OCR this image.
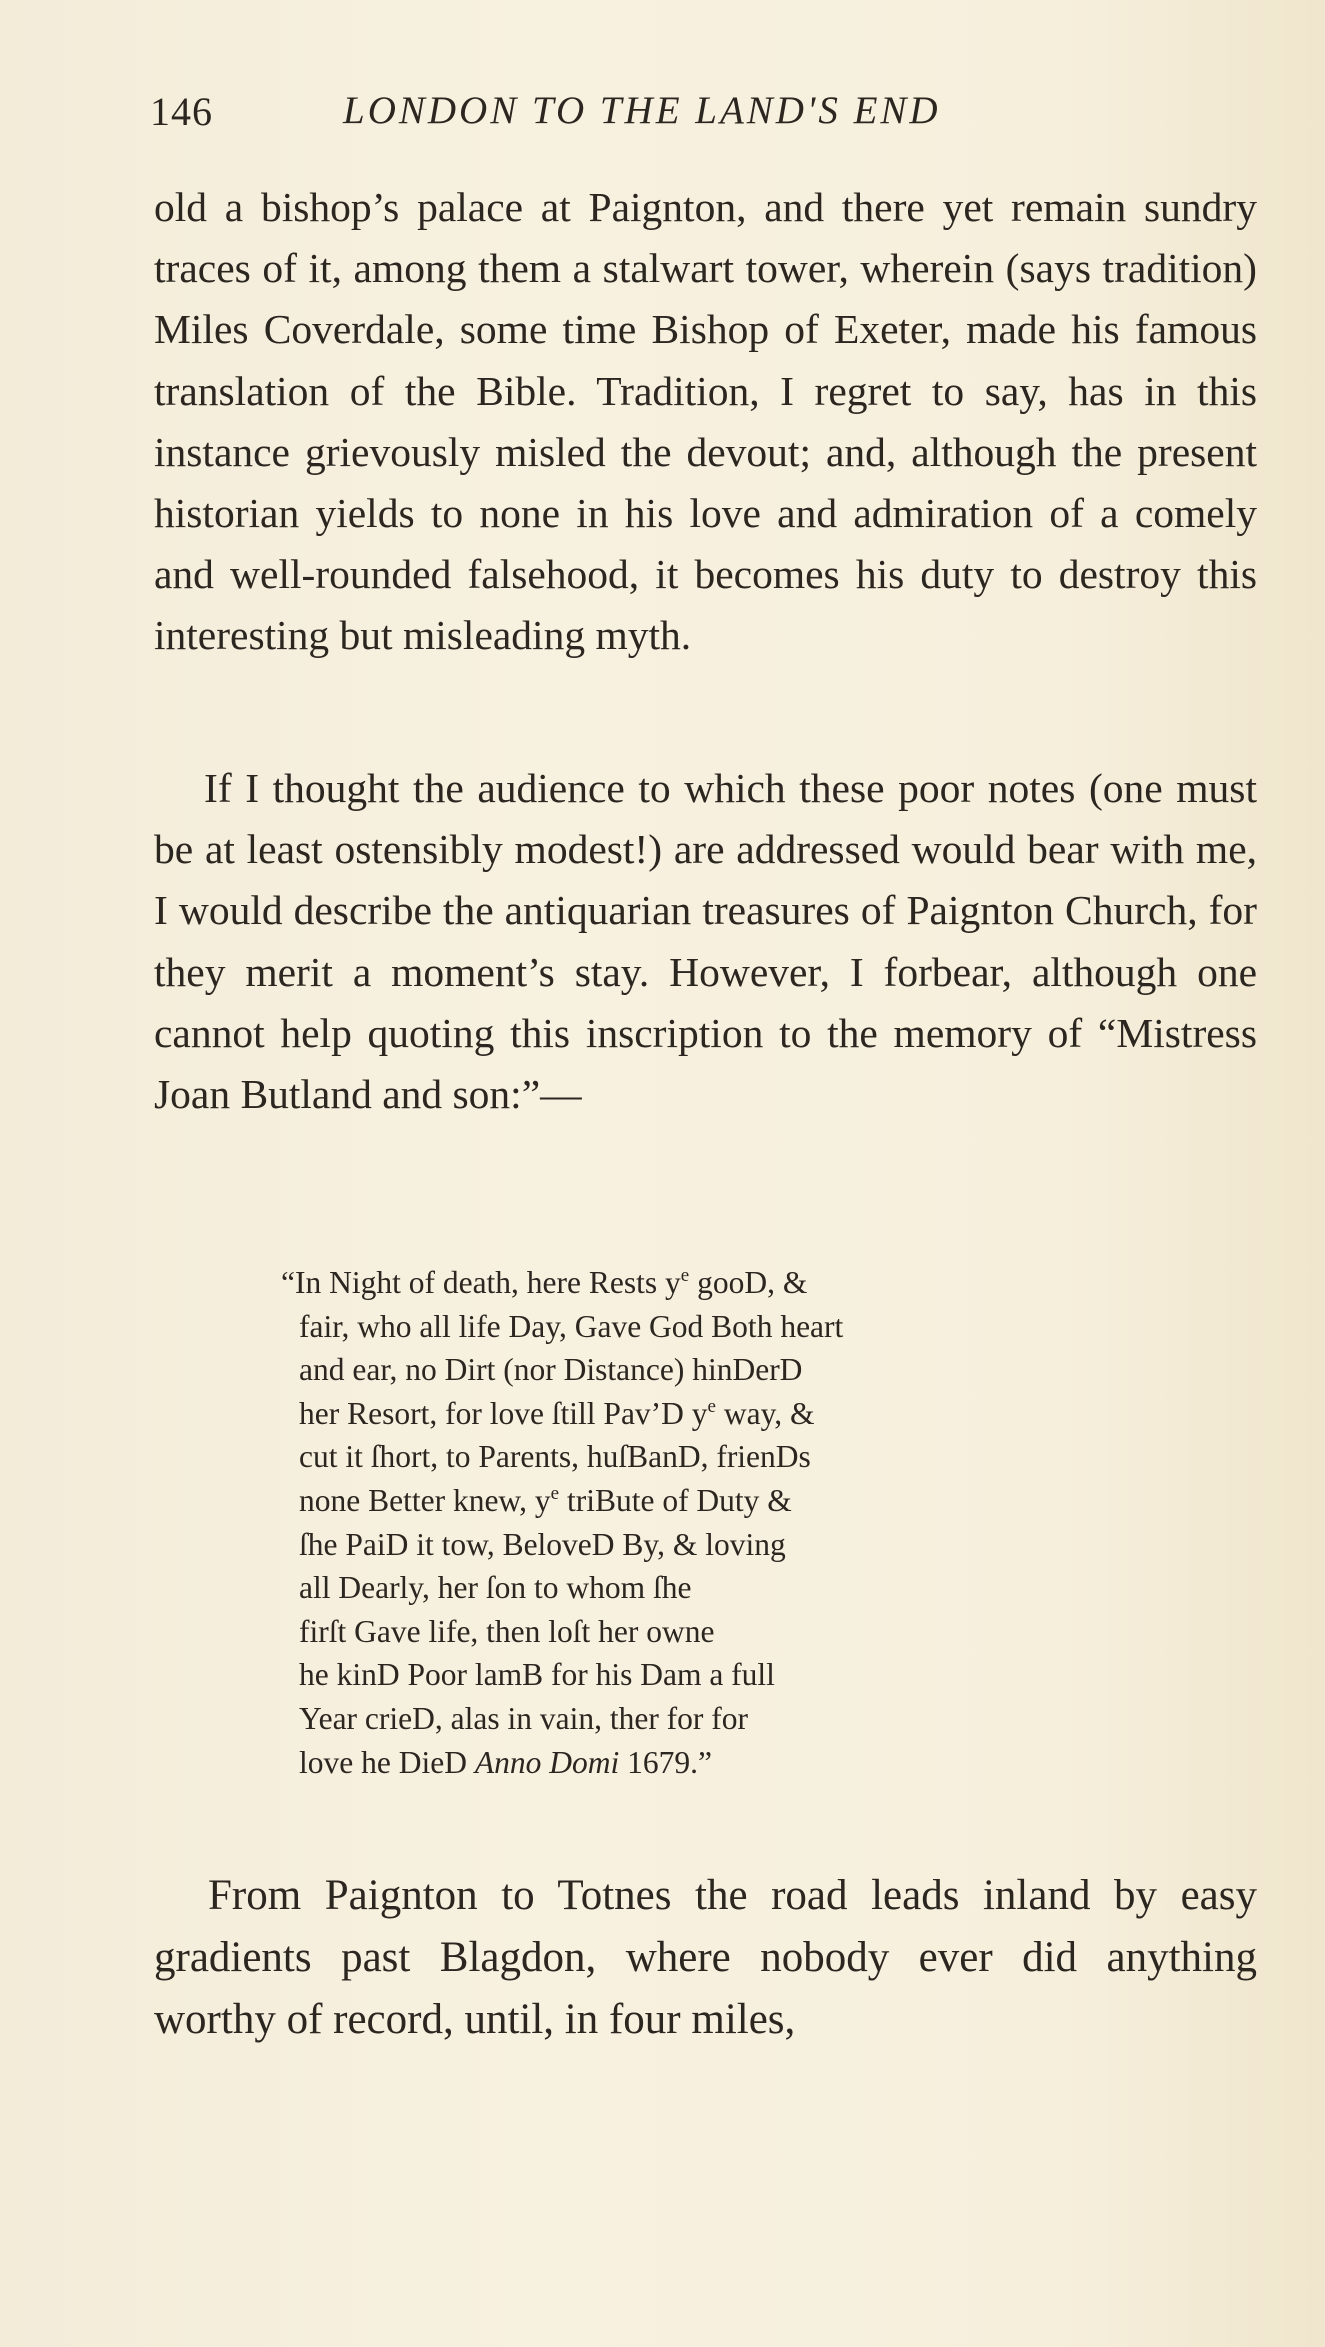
146	LONDON TO THE LAND'S END

old a bishop’s palace at Paignton, and there yet remain sundry traces of it, among them a stalwart tower, wherein (says tradition) Miles Coverdale, some time Bishop of Exeter, made his famous translation of the Bible. Tradition, I regret to say, has in this instance grievously misled the devout; and, although the present historian yields to none in his love and admiration of a comely and well-rounded falsehood, it becomes his duty to destroy this interesting but misleading myth.

If I thought the audience to which these poor notes (one must be at least ostensibly modest!) are addressed would bear with me, I would describe the antiquarian treasures of Paignton Church, for they merit a moment’s stay. However, I forbear, although one cannot help quoting this inscription to the memory of “Mistress Joan Butland and son:”—

“In Night of death, here Rests $y^e$ gooD, &
fair, who all life Day, Gave God Both heart
and ear, no Dirt (nor Distance) hinDerD
her Resort, for love ſtill Pav’D $y^e$ way, &
cut it ſhort, to Parents, huſBanD, frienDs
none Better knew, $y^e$ triBute of Duty &
ſhe PaiD it tow, BeloveD By, & loving
all Dearly, her ſon to whom ſhe
firſt Gave life, then loſt her owne
he kinD Poor lamB for his Dam a full
Year crieD, alas in vain, ther for for
love he DieD Anno Domi 1679.”

From Paignton to Totnes the road leads inland by easy gradients past Blagdon, where nobody ever did anything worthy of record, until, in four miles,
